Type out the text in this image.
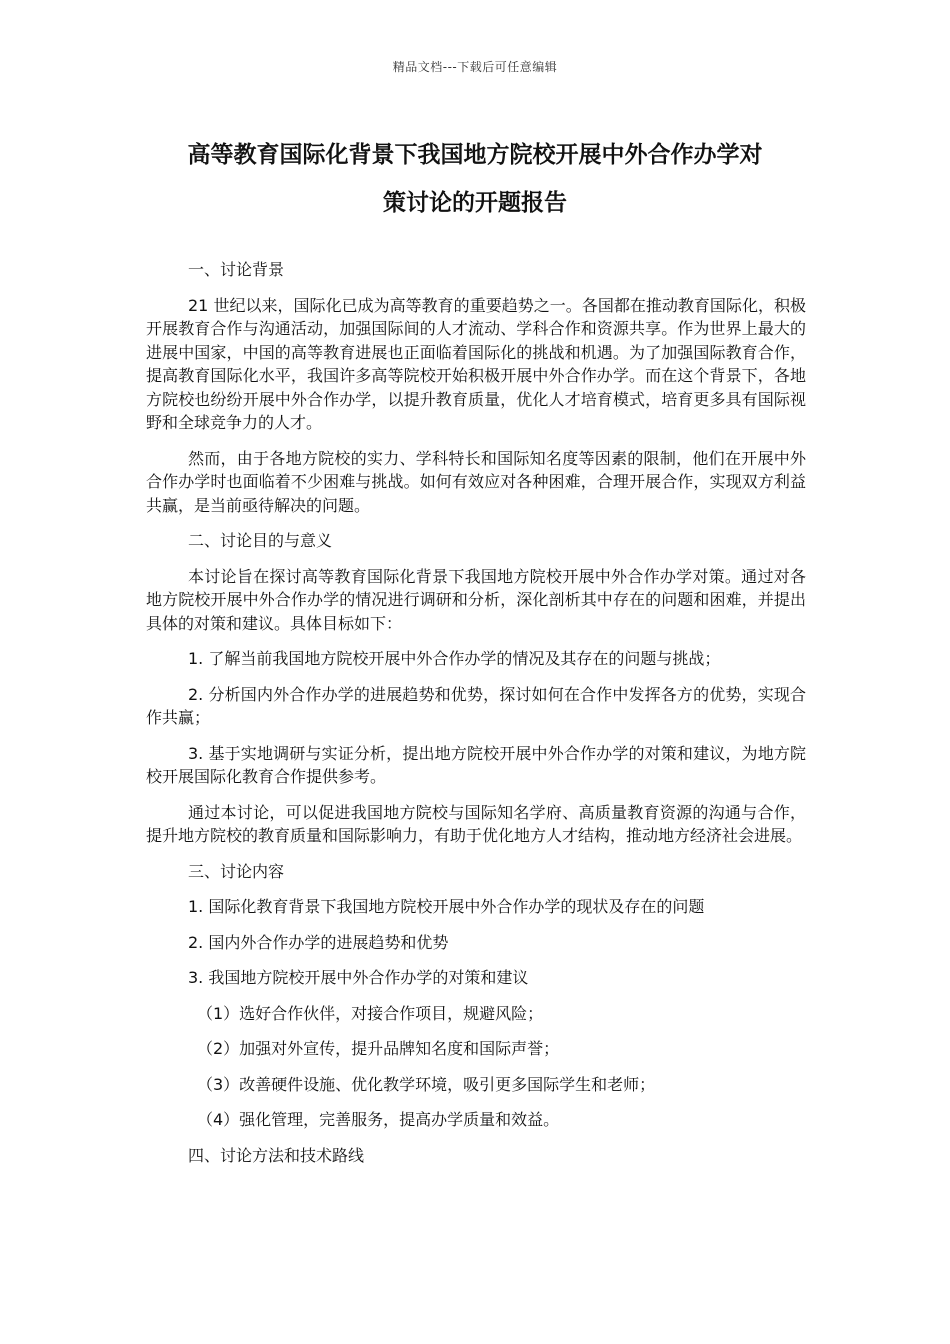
精品文档---下载后可任意编辑
高等教育国际化背景下我国地方院校开展中外合作办学对
策讨论的开题报告

一、讨论背景

21 世纪以来，国际化已成为高等教育的重要趋势之一。各国都在推动教育国际化，积极开展教育合作与沟通活动，加强国际间的人才流动、学科合作和资源共享。作为世界上最大的进展中国家，中国的高等教育进展也正面临着国际化的挑战和机遇。为了加强国际教育合作，提高教育国际化水平，我国许多高等院校开始积极开展中外合作办学。而在这个背景下，各地方院校也纷纷开展中外合作办学，以提升教育质量，优化人才培育模式，培育更多具有国际视野和全球竞争力的人才。

然而，由于各地方院校的实力、学科特长和国际知名度等因素的限制，他们在开展中外合作办学时也面临着不少困难与挑战。如何有效应对各种困难，合理开展合作，实现双方利益共赢，是当前亟待解决的问题。

二、讨论目的与意义

本讨论旨在探讨高等教育国际化背景下我国地方院校开展中外合作办学对策。通过对各地方院校开展中外合作办学的情况进行调研和分析，深化剖析其中存在的问题和困难，并提出具体的对策和建议。具体目标如下：

1. 了解当前我国地方院校开展中外合作办学的情况及其存在的问题与挑战；

2. 分析国内外合作办学的进展趋势和优势，探讨如何在合作中发挥各方的优势，实现合作共赢；

3. 基于实地调研与实证分析，提出地方院校开展中外合作办学的对策和建议，为地方院校开展国际化教育合作提供参考。

通过本讨论，可以促进我国地方院校与国际知名学府、高质量教育资源的沟通与合作，提升地方院校的教育质量和国际影响力，有助于优化地方人才结构，推动地方经济社会进展。

三、讨论内容

1. 国际化教育背景下我国地方院校开展中外合作办学的现状及存在的问题

2. 国内外合作办学的进展趋势和优势

3. 我国地方院校开展中外合作办学的对策和建议

（1）选好合作伙伴，对接合作项目，规避风险；

（2）加强对外宣传，提升品牌知名度和国际声誉；

（3）改善硬件设施、优化教学环境，吸引更多国际学生和老师；

（4）强化管理，完善服务，提高办学质量和效益。

四、讨论方法和技术路线
